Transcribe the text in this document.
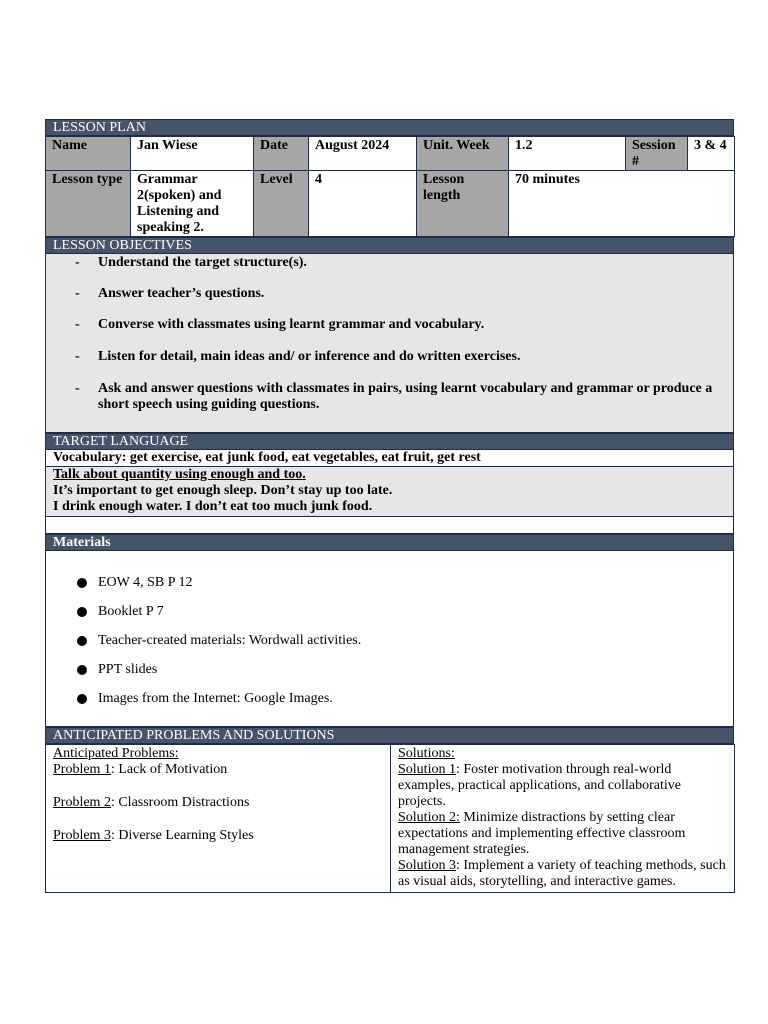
LESSON PLAN
Name	Jan Wiese	Date	August 2024	Unit. Week	1.2	Session #	3 & 4
Lesson type	Grammar 2(spoken) and Listening and speaking 2.	Level	4	Lesson length	70 minutes		
LESSON OBJECTIVES
- Understand the target structure(s).
- Answer teacher’s questions.
- Converse with classmates using learnt grammar and vocabulary.
- Listen for detail, main ideas and/ or inference and do written exercises.
- Ask and answer questions with classmates in pairs, using learnt vocabulary and grammar or produce a short speech using guiding questions.
TARGET LANGUAGE
Vocabulary: get exercise, eat junk food, eat vegetables, eat fruit, get rest
Talk about quantity using enough and too.
It’s important to get enough sleep. Don’t stay up too late.
I drink enough water. I don’t eat too much junk food.
Materials
EOW 4, SB P 12
Booklet P 7
Teacher-created materials: Wordwall activities.
PPT slides
Images from the Internet: Google Images.
ANTICIPATED PROBLEMS AND SOLUTIONS
Anticipated Problems:
Problem 1: Lack of Motivation
Problem 2: Classroom Distractions
Problem 3: Diverse Learning Styles

Solutions:
Solution 1: Foster motivation through real-world examples, practical applications, and collaborative projects.
Solution 2: Minimize distractions by setting clear expectations and implementing effective classroom management strategies.
Solution 3: Implement a variety of teaching methods, such as visual aids, storytelling, and interactive games.
